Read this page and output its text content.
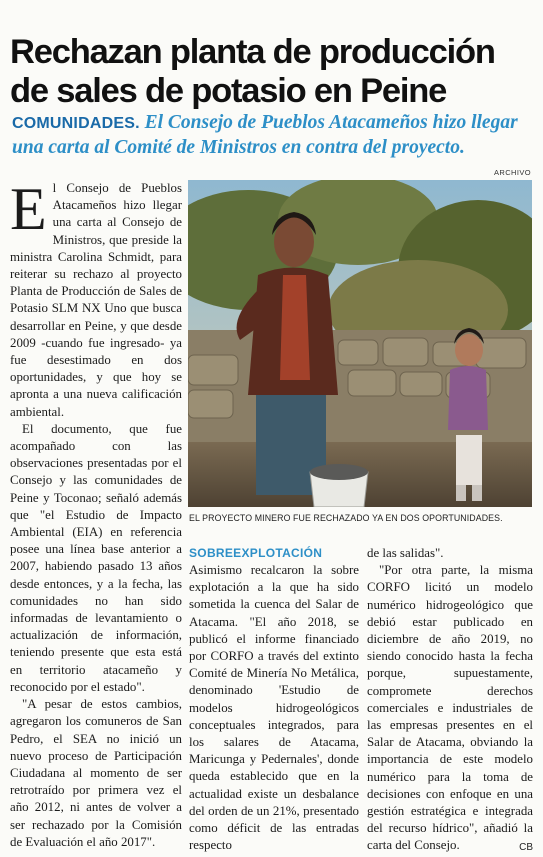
Rechazan planta de producción de sales de potasio en Peine
COMUNIDADES. El Consejo de Pueblos Atacameños hizo llegar una carta al Comité de Ministros en contra del proyecto.
ARCHIVO

El Consejo de Pueblos Atacameños hizo llegar una carta al Consejo de Ministros, que preside la ministra Carolina Schmidt, para reiterar su rechazo al proyecto Planta de Producción de Sales de Potasio SLM NX Uno que busca desarrollar en Peine, y que desde 2009 -cuando fue ingresado- ya fue desestimado en dos oportunidades, y que hoy se apronta a una nueva calificación ambiental.

El documento, que fue acompañado con las observaciones presentadas por el Consejo y las comunidades de Peine y Toconao; señaló además que "el Estudio de Impacto Ambiental (EIA) en referencia posee una línea base anterior a 2007, habiendo pasado 13 años desde entonces, y a la fecha, las comunidades no han sido informadas de levantamiento o actualización de información, teniendo presente que esta está en territorio atacameño y reconocido por el estado".

"A pesar de estos cambios, agregaron los comuneros de San Pedro, el SEA no inició un nuevo proceso de Participación Ciudadana al momento de ser retrotraído por primera vez el año 2012, ni antes de volver a ser rechazado por la Comisión de Evaluación el año 2017".

EL PROYECTO MINERO FUE RECHAZADO YA EN DOS OPORTUNIDADES.
SOBREEXPLOTACIÓN

Asimismo recalcaron la sobre explotación a la que ha sido sometida la cuenca del Salar de Atacama. "El año 2018, se publicó el informe financiado por CORFO a través del extinto Comité de Minería No Metálica, denominado 'Estudio de modelos hidrogeológicos conceptuales integrados, para los salares de Atacama, Maricunga y Pedernales', donde queda establecido que en la actualidad existe un desbalance del orden de un 21%, presentado como déficit de las entradas respecto

de las salidas".

"Por otra parte, la misma CORFO licitó un modelo numérico hidrogeológico que debió estar publicado en diciembre de año 2019, no siendo conocido hasta la fecha porque, supuestamente, compromete derechos comerciales e industriales de las empresas presentes en el Salar de Atacama, obviando la importancia de este modelo numérico para la toma de decisiones con enfoque en una gestión estratégica e integrada del recurso hídrico", añadió la carta del Consejo.	CB
